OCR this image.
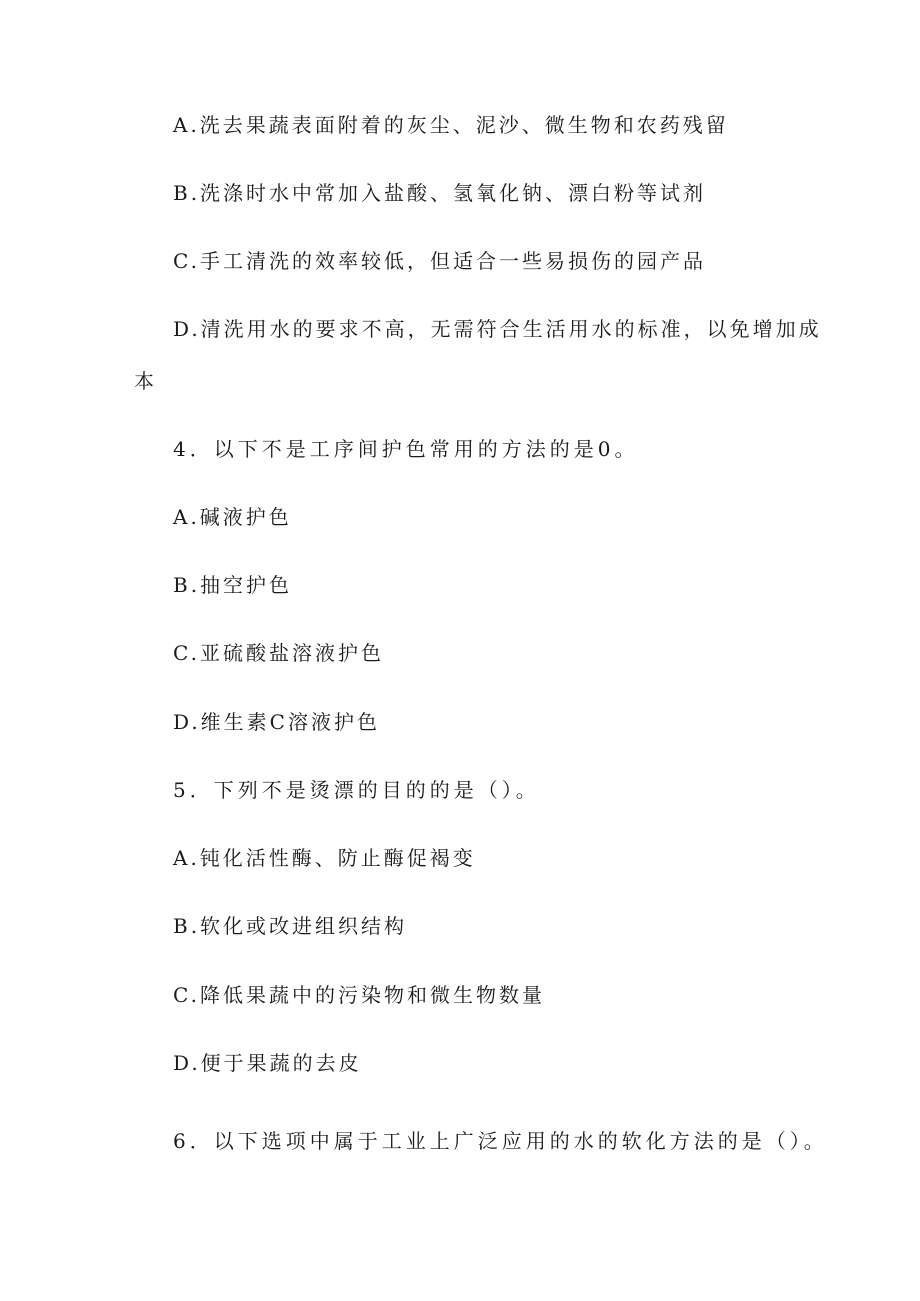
A.洗去果蔬表面附着的灰尘、泥沙、微生物和农药残留
B.洗涤时水中常加入盐酸、氢氧化钠、漂白粉等试剂
C.手工清洗的效率较低，但适合一些易损伤的园产品
D.清洗用水的要求不高，无需符合生活用水的标准，以免增加成
本
4．以下不是工序间护色常用的方法的是0。
A.碱液护色
B.抽空护色
C.亚硫酸盐溶液护色
D.维生素C溶液护色
5．下列不是烫漂的目的的是（）。
A.钝化活性酶、防止酶促褐变
B.软化或改进组织结构
C.降低果蔬中的污染物和微生物数量
D.便于果蔬的去皮
6．以下选项中属于工业上广泛应用的水的软化方法的是（）。
